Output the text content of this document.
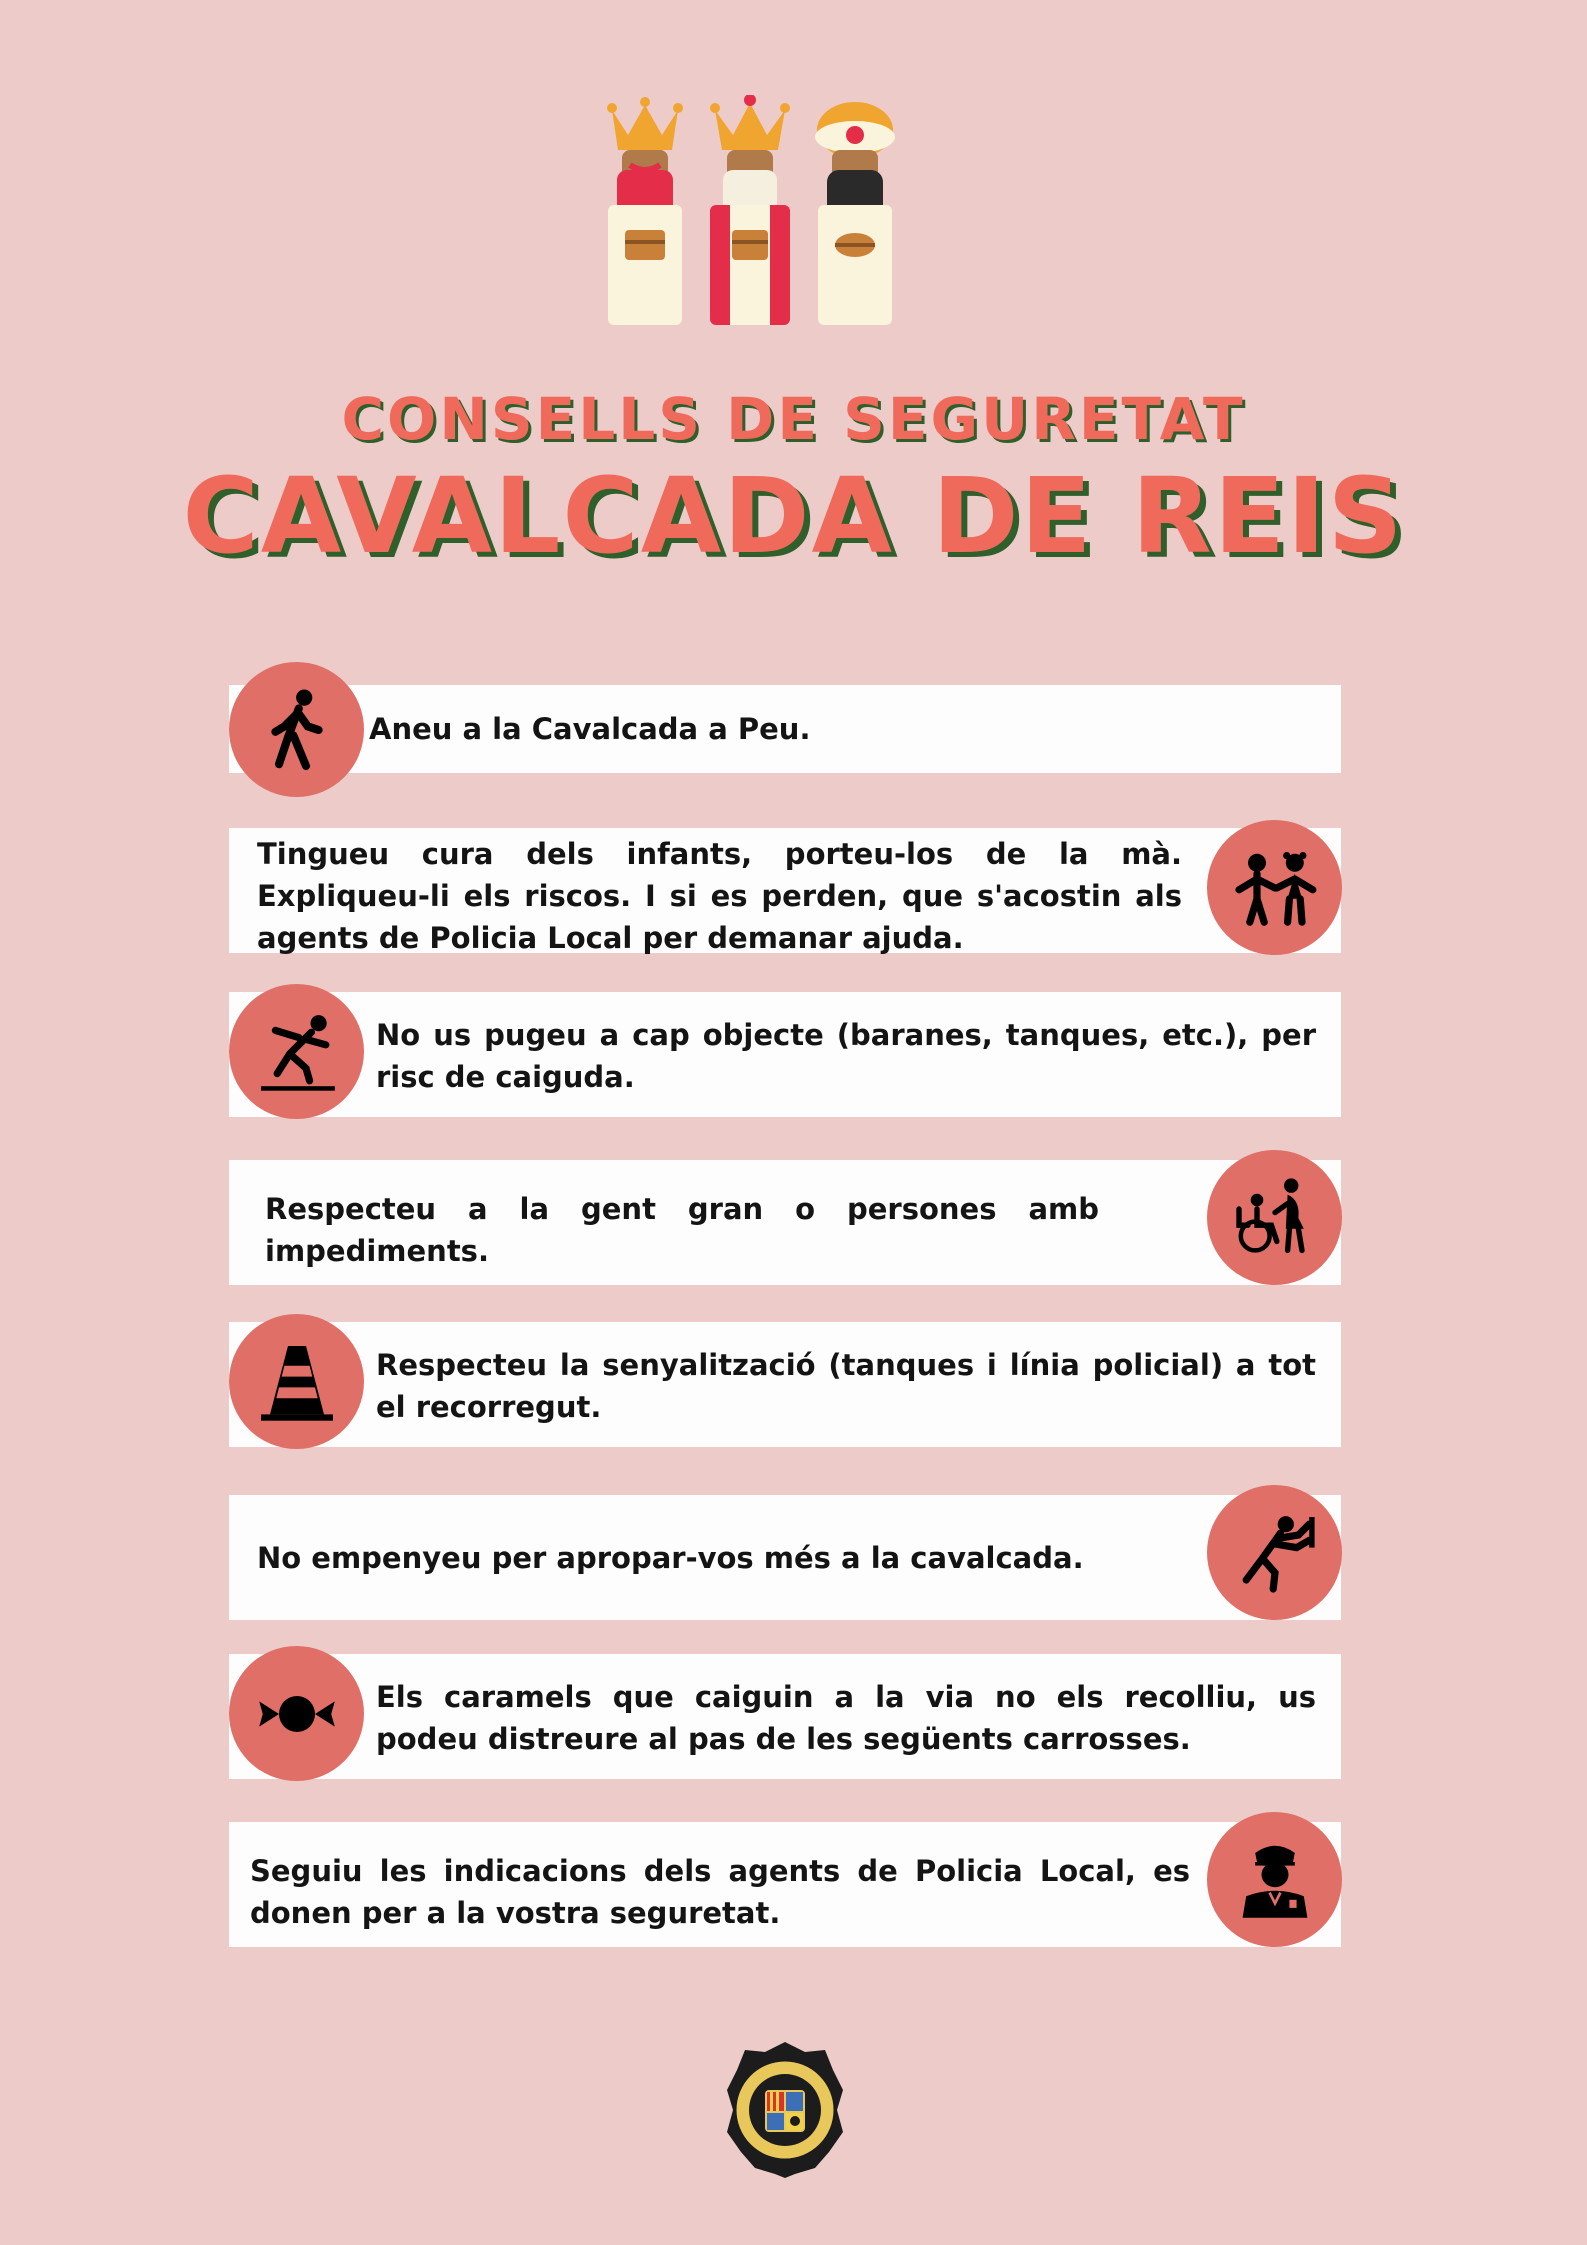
CONSELLS DE SEGURETAT
CAVALCADA DE REIS
Aneu a la Cavalcada a Peu.
Tingueu cura dels infants, porteu-los de la mà. Expliqueu-li els riscos. I si es perden, que s'acostin als agents de Policia Local per demanar ajuda.
No us pugeu a cap objecte (baranes, tanques, etc.), per risc de caiguda.
Respecteu a la gent gran o persones amb impediments.
Respecteu la senyalització (tanques i línia policial) a tot el recorregut.
No empenyeu per apropar-vos més a la cavalcada.
Els caramels que caiguin a la via no els recolliu, us podeu distreure al pas de les següents carrosses.
Seguiu les indicacions dels agents de Policia Local, es donen per a la vostra seguretat.
